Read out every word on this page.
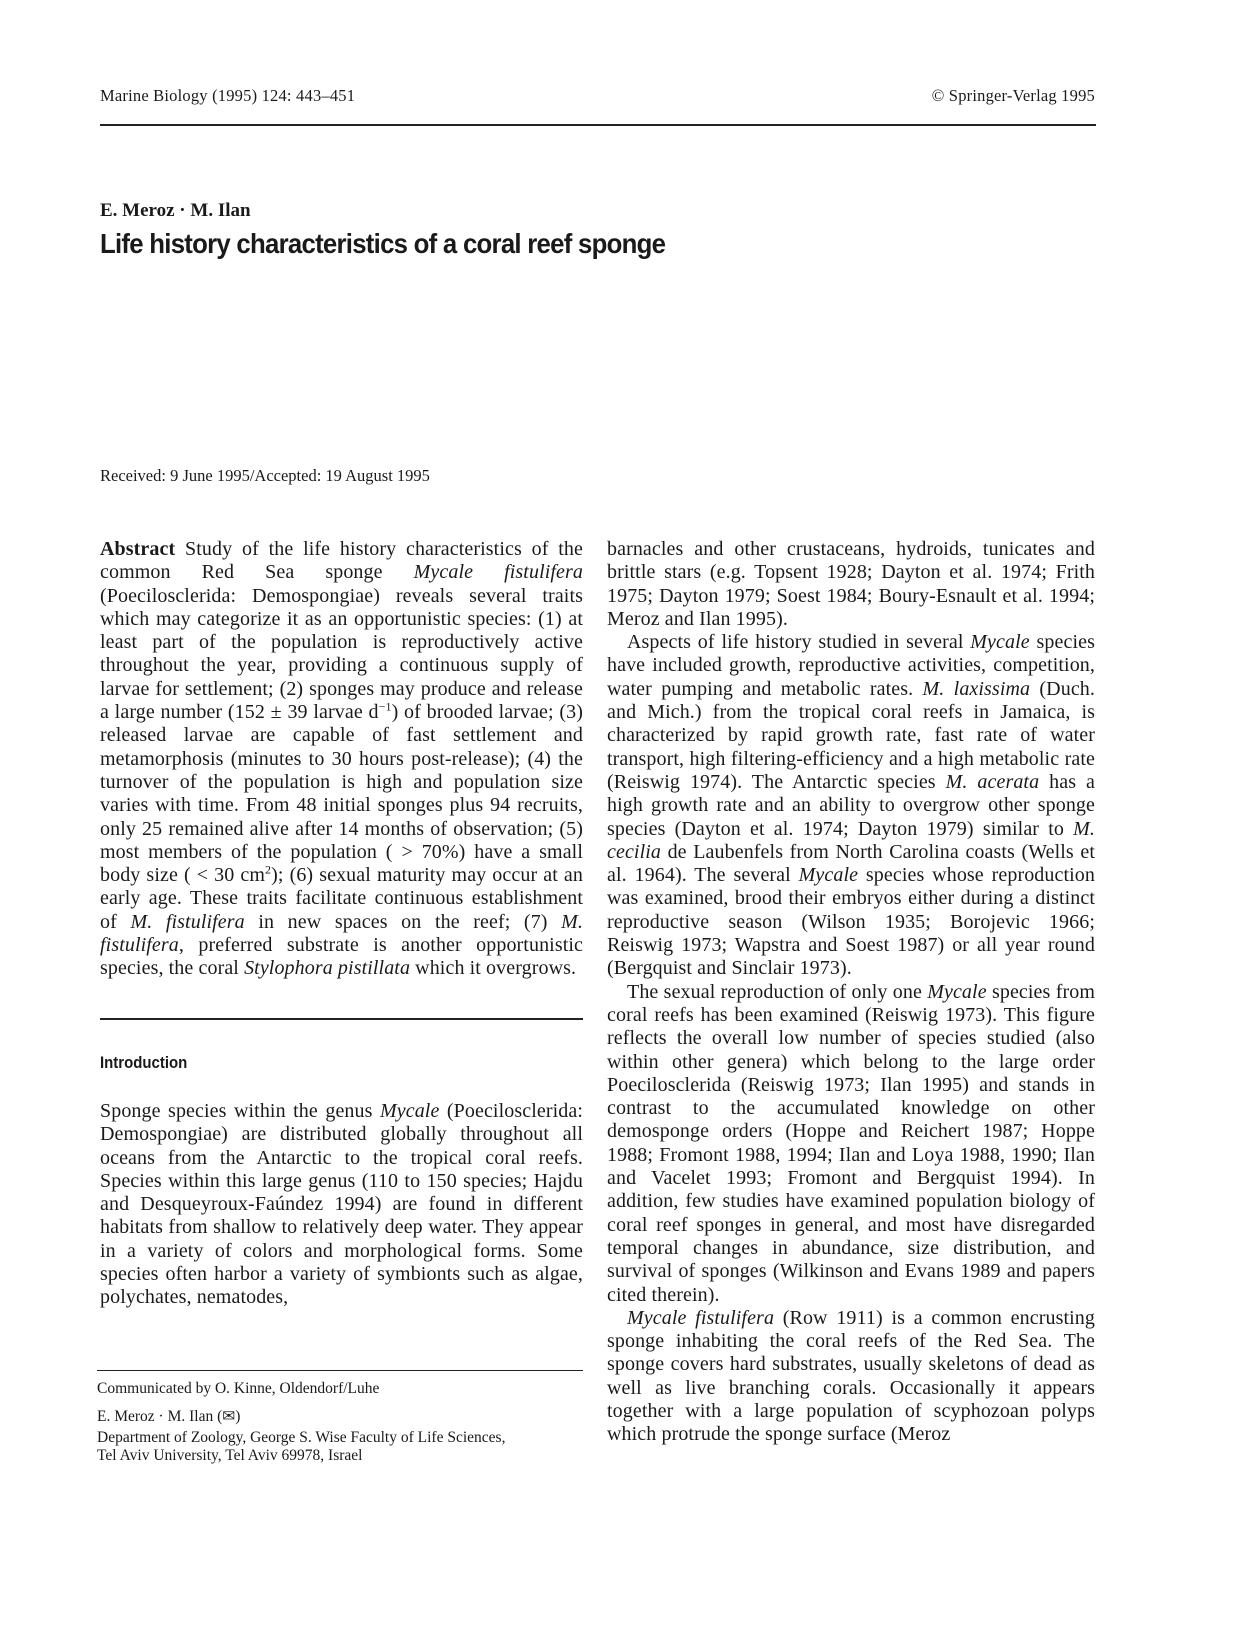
Marine Biology (1995) 124: 443–451	© Springer-Verlag 1995
E. Meroz · M. Ilan
Life history characteristics of a coral reef sponge
Received: 9 June 1995/Accepted: 19 August 1995

Abstract Study of the life history characteristics of the common Red Sea sponge Mycale fistulifera (Poecilosclerida: Demospongiae) reveals several traits which may categorize it as an opportunistic species: (1) at least part of the population is reproductively active throughout the year, providing a continuous supply of larvae for settlement; (2) sponges may produce and release a large number (152 ± 39 larvae $d^{-1}$) of brooded larvae; (3) released larvae are capable of fast settlement and metamorphosis (minutes to 30 hours post-release); (4) the turnover of the population is high and population size varies with time. From 48 initial sponges plus 94 recruits, only 25 remained alive after 14 months of observation; (5) most members of the population ( > 70%) have a small body size ( < 30 $cm^2$); (6) sexual maturity may occur at an early age. These traits facilitate continuous establishment of M. fistulifera in new spaces on the reef; (7) M. fistulifera, preferred substrate is another opportunistic species, the coral Stylophora pistillata which it overgrows.

Introduction

Sponge species within the genus Mycale (Poecilosclerida: Demospongiae) are distributed globally throughout all oceans from the Antarctic to the tropical coral reefs. Species within this large genus (110 to 150 species; Hajdu and Desqueyroux-Faúndez 1994) are found in different habitats from shallow to relatively deep water. They appear in a variety of colors and morphological forms. Some species often harbor a variety of symbionts such as algae, polychates, nematodes,

barnacles and other crustaceans, hydroids, tunicates and brittle stars (e.g. Topsent 1928; Dayton et al. 1974; Frith 1975; Dayton 1979; Soest 1984; Boury-Esnault et al. 1994; Meroz and Ilan 1995).

Aspects of life history studied in several Mycale species have included growth, reproductive activities, competition, water pumping and metabolic rates. M. laxissima (Duch. and Mich.) from the tropical coral reefs in Jamaica, is characterized by rapid growth rate, fast rate of water transport, high filtering-efficiency and a high metabolic rate (Reiswig 1974). The Antarctic species M. acerata has a high growth rate and an ability to overgrow other sponge species (Dayton et al. 1974; Dayton 1979) similar to M. cecilia de Laubenfels from North Carolina coasts (Wells et al. 1964). The several Mycale species whose reproduction was examined, brood their embryos either during a distinct reproductive season (Wilson 1935; Borojevic 1966; Reiswig 1973; Wapstra and Soest 1987) or all year round (Bergquist and Sinclair 1973).

The sexual reproduction of only one Mycale species from coral reefs has been examined (Reiswig 1973). This figure reflects the overall low number of species studied (also within other genera) which belong to the large order Poecilosclerida (Reiswig 1973; Ilan 1995) and stands in contrast to the accumulated knowledge on other demosponge orders (Hoppe and Reichert 1987; Hoppe 1988; Fromont 1988, 1994; Ilan and Loya 1988, 1990; Ilan and Vacelet 1993; Fromont and Bergquist 1994). In addition, few studies have examined population biology of coral reef sponges in general, and most have disregarded temporal changes in abundance, size distribution, and survival of sponges (Wilkinson and Evans 1989 and papers cited therein).

Mycale fistulifera (Row 1911) is a common encrusting sponge inhabiting the coral reefs of the Red Sea. The sponge covers hard substrates, usually skeletons of dead as well as live branching corals. Occasionally it appears together with a large population of scyphozoan polyps which protrude the sponge surface (Meroz

Communicated by O. Kinne, Oldendorf/Luhe
E. Meroz · M. Ilan (✉)
Department of Zoology, George S. Wise Faculty of Life Sciences,
Tel Aviv University, Tel Aviv 69978, Israel
